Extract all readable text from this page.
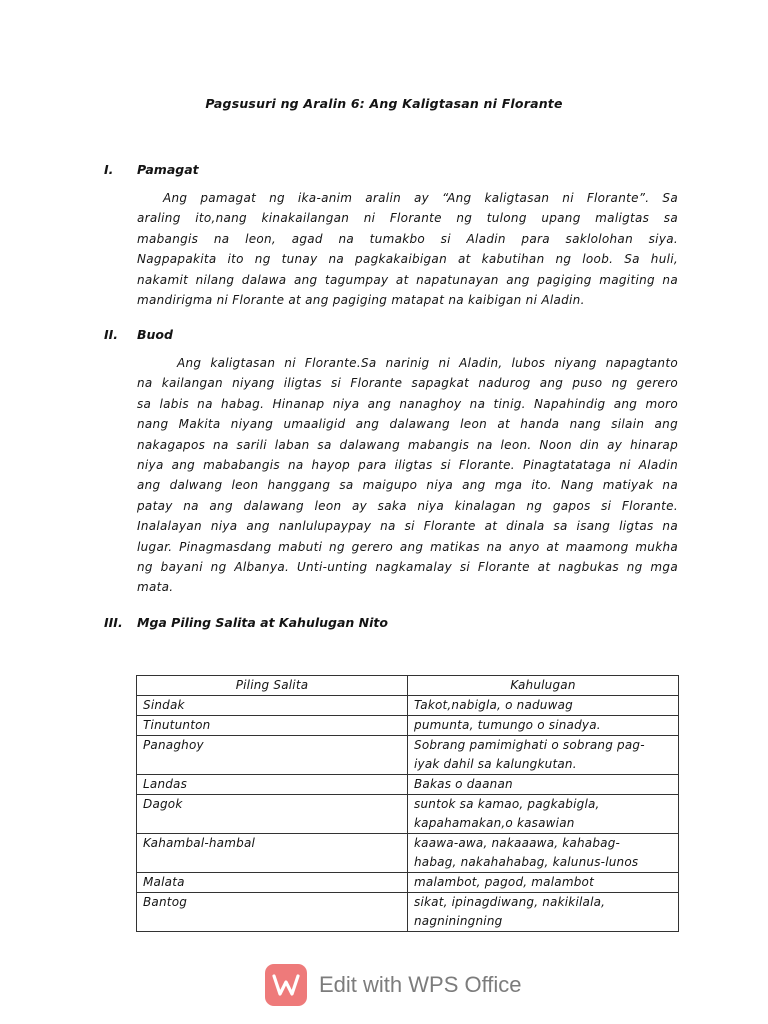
Pagsusuri ng Aralin 6: Ang Kaligtasan ni Florante
I.	Pamagat
Ang pamagat ng ika-anim aralin ay “Ang kaligtasan ni Florante”. Sa
araling ito,nang kinakailangan ni Florante ng tulong upang maligtas sa
mabangis na leon, agad na tumakbo si Aladin para saklolohan siya.
Nagpapakita ito ng tunay na pagkakaibigan at kabutihan ng loob. Sa huli,
nakamit nilang dalawa ang tagumpay at napatunayan ang pagiging magiting na
mandirigma ni Florante at ang pagiging matapat na kaibigan ni Aladin.
II.	Buod
Ang kaligtasan ni Florante.Sa narinig ni Aladin, lubos niyang napagtanto
na kailangan niyang iligtas si Florante sapagkat nadurog ang puso ng gerero
sa labis na habag. Hinanap niya ang nanaghoy na tinig. Napahindig ang moro
nang Makita niyang umaaligid ang dalawang leon at handa nang silain ang
nakagapos na sarili laban sa dalawang mabangis na leon. Noon din ay hinarap
niya ang mababangis na hayop para iligtas si Florante. Pinagtatataga ni Aladin
ang dalwang leon hanggang sa maigupo niya ang mga ito. Nang matiyak na
patay na ang dalawang leon ay saka niya kinalagan ng gapos si Florante.
Inalalayan niya ang nanlulupaypay na si Florante at dinala sa isang ligtas na
lugar. Pinagmasdang mabuti ng gerero ang matikas na anyo at maamong mukha
ng bayani ng Albanya. Unti-unting nagkamalay si Florante at nagbukas ng mga
mata.
III.	Mga Piling Salita at Kahulugan Nito
Piling Salita	Kahulugan
Sindak	Takot,nabigla, o naduwag
Tinutunton	pumunta, tumungo o sinadya.
Panaghoy	Sobrang pamimighati o sobrang pag-
iyak dahil sa kalungkutan.
Landas	Bakas o daanan
Dagok	suntok sa kamao, pagkabigla,
kapahamakan,o kasawian
Kahambal-hambal	kaawa-awa, nakaaawa, kahabag-
habag, nakahahabag, kalunus-lunos
Malata	malambot, pagod, malambot
Bantog	sikat, ipinagdiwang, nakikilala,
nagniningning
Edit with WPS Office
